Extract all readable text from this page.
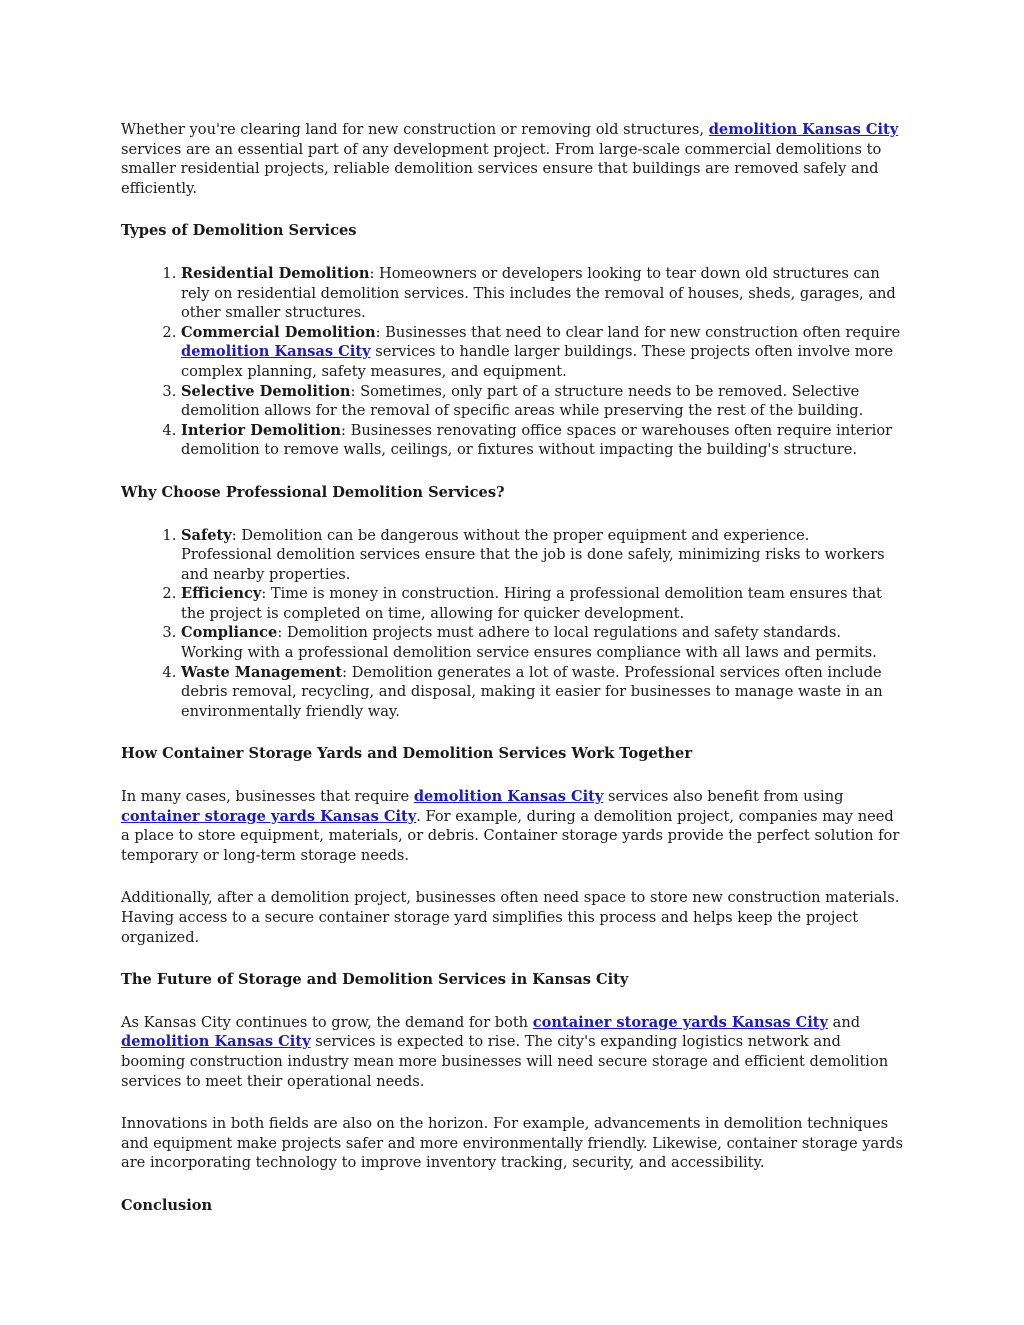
Whether you're clearing land for new construction or removing old structures, demolition Kansas City services are an essential part of any development project. From large-scale commercial demolitions to smaller residential projects, reliable demolition services ensure that buildings are removed safely and efficiently.

Types of Demolition Services

1. Residential Demolition: Homeowners or developers looking to tear down old structures can rely on residential demolition services. This includes the removal of houses, sheds, garages, and other smaller structures.
2. Commercial Demolition: Businesses that need to clear land for new construction often require demolition Kansas City services to handle larger buildings. These projects often involve more complex planning, safety measures, and equipment.
3. Selective Demolition: Sometimes, only part of a structure needs to be removed. Selective demolition allows for the removal of specific areas while preserving the rest of the building.
4. Interior Demolition: Businesses renovating office spaces or warehouses often require interior demolition to remove walls, ceilings, or fixtures without impacting the building's structure.

Why Choose Professional Demolition Services?

1. Safety: Demolition can be dangerous without the proper equipment and experience. Professional demolition services ensure that the job is done safely, minimizing risks to workers and nearby properties.
2. Efficiency: Time is money in construction. Hiring a professional demolition team ensures that the project is completed on time, allowing for quicker development.
3. Compliance: Demolition projects must adhere to local regulations and safety standards. Working with a professional demolition service ensures compliance with all laws and permits.
4. Waste Management: Demolition generates a lot of waste. Professional services often include debris removal, recycling, and disposal, making it easier for businesses to manage waste in an environmentally friendly way.

How Container Storage Yards and Demolition Services Work Together

In many cases, businesses that require demolition Kansas City services also benefit from using container storage yards Kansas City. For example, during a demolition project, companies may need a place to store equipment, materials, or debris. Container storage yards provide the perfect solution for temporary or long-term storage needs.

Additionally, after a demolition project, businesses often need space to store new construction materials. Having access to a secure container storage yard simplifies this process and helps keep the project organized.

The Future of Storage and Demolition Services in Kansas City

As Kansas City continues to grow, the demand for both container storage yards Kansas City and demolition Kansas City services is expected to rise. The city's expanding logistics network and booming construction industry mean more businesses will need secure storage and efficient demolition services to meet their operational needs.

Innovations in both fields are also on the horizon. For example, advancements in demolition techniques and equipment make projects safer and more environmentally friendly. Likewise, container storage yards are incorporating technology to improve inventory tracking, security, and accessibility.

Conclusion
